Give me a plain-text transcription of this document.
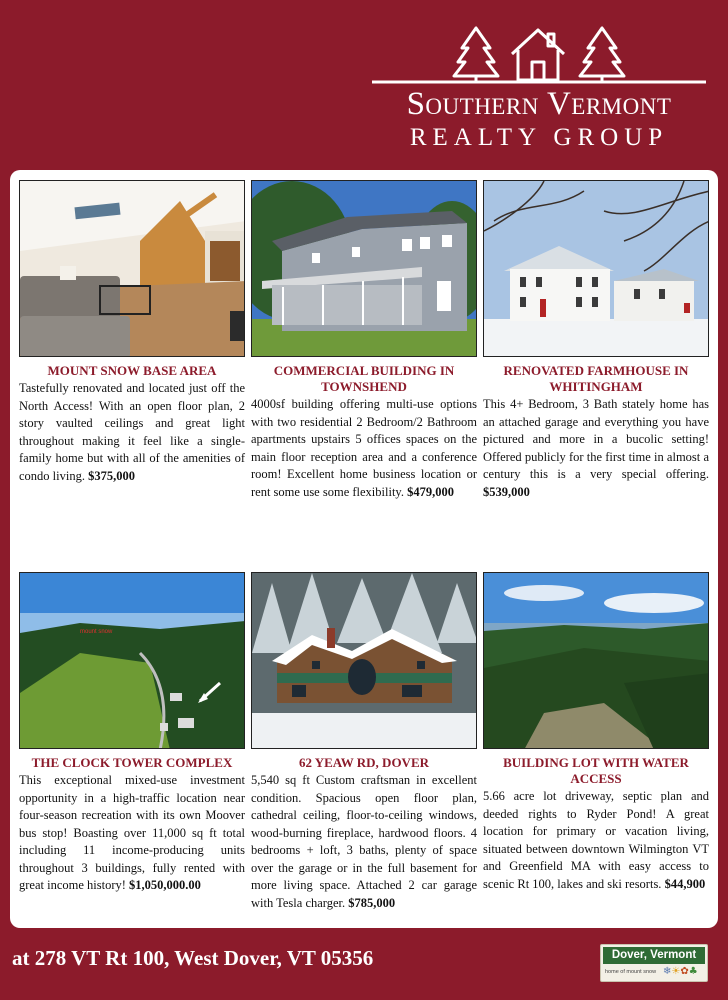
Southern Vermont
REALTY GROUP
MOUNT SNOW BASE AREA
Tastefully renovated and located just off the North Access! With an open floor plan, 2 story vaulted ceilings and great light throughout making it feel like a single-family home but with all of the amenities of condo living. $375,000
COMMERCIAL BUILDING IN TOWNSHEND
4000sf building offering multi-use options with two residential 2 Bedroom/2 Bathroom apartments upstairs 5 offices spaces on the main floor reception area and a conference room! Excellent home business location or rent some use some flexibility. $479,000
RENOVATED FARMHOUSE IN WHITINGHAM
This 4+ Bedroom, 3 Bath stately home has an attached garage and everything you have pictured and more in a bucolic setting! Offered publicly for the first time in almost a century this is a very special offering. $539,000
mount snow
THE CLOCK TOWER COMPLEX
This exceptional mixed-use investment opportunity in a high-traffic location near four-season recreation with its own Moover bus stop! Boasting over 11,000 sq ft total including 11 income-producing units throughout 3 buildings, fully rented with great income history! $1,050,000.00
62 YEAW RD, DOVER
5,540 sq ft Custom craftsman in excellent condition. Spacious open floor plan, cathedral ceiling, floor-to-ceiling windows, wood-burning fireplace, hardwood floors. 4 bedrooms + loft, 3 baths, plenty of space over the garage or in the full basement for more living space. Attached 2 car garage with Tesla charger. $785,000
BUILDING LOT WITH WATER ACCESS
5.66 acre lot driveway, septic plan and deeded rights to Ryder Pond! A great location for primary or vacation living, situated between downtown Wilmington VT and Greenfield MA with easy access to scenic Rt 100, lakes and ski resorts. $44,900
at 278 VT Rt 100, West Dover, VT 05356	Dover, Vermont
home of mount snow ❄☀✿♣
